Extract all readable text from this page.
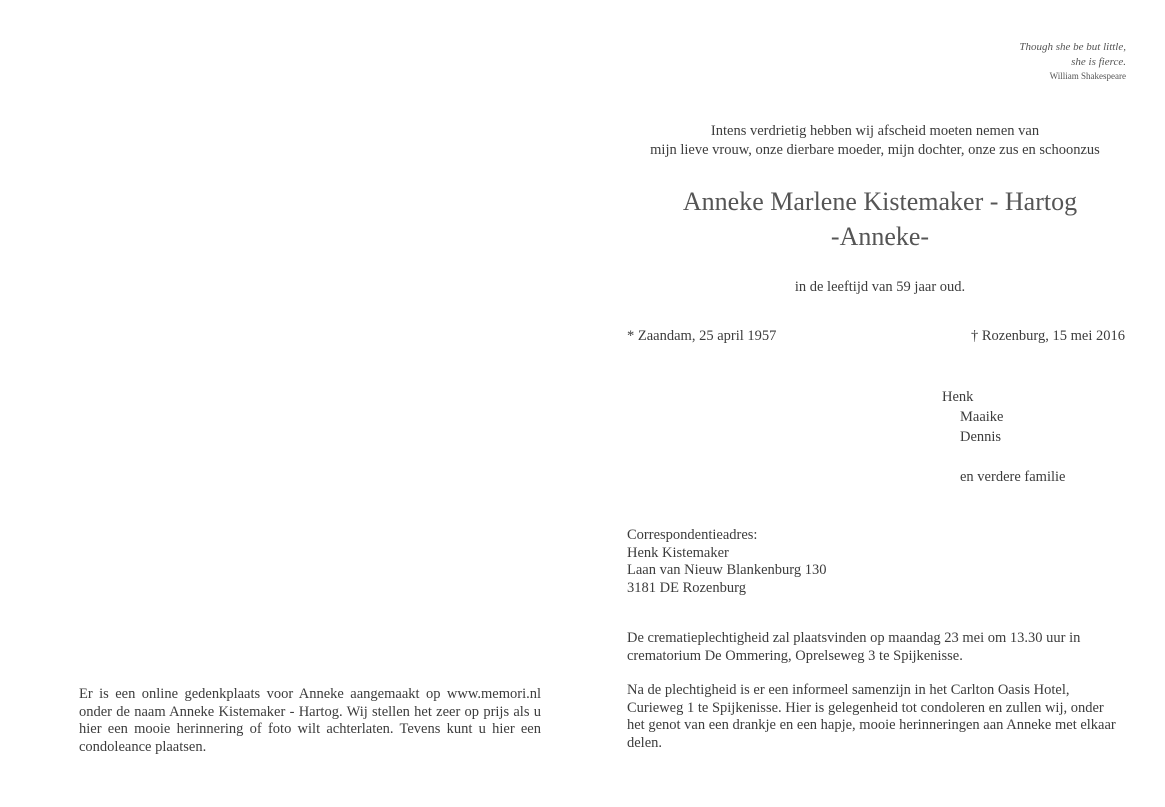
Though she be but little,
she is fierce.
William Shakespeare
Intens verdrietig hebben wij afscheid moeten nemen van
mijn lieve vrouw, onze dierbare moeder, mijn dochter, onze zus en schoonzus
Anneke Marlene Kistemaker - Hartog
-Anneke-
in de leeftijd van 59 jaar oud.
* Zaandam, 25 april 1957	† Rozenburg, 15 mei 2016
Henk
Maaike
Dennis
en verdere familie
Correspondentieadres:
Henk Kistemaker
Laan van Nieuw Blankenburg 130
3181 DE Rozenburg
De crematieplechtigheid zal plaatsvinden op maandag 23 mei om 13.30 uur in crematorium De Ommering, Oprelseweg 3 te Spijkenisse.
Na de plechtigheid is er een informeel samenzijn in het Carlton Oasis Hotel, Curieweg 1 te Spijkenisse. Hier is gelegenheid tot condoleren en zullen wij, onder het genot van een drankje en een hapje, mooie herinneringen aan Anneke met elkaar delen.
Er is een online gedenkplaats voor Anneke aangemaakt op www.memori.nl onder de naam Anneke Kistemaker - Hartog. Wij stellen het zeer op prijs als u hier een mooie herinnering of foto wilt achterlaten. Tevens kunt u hier een condoleance plaatsen.
